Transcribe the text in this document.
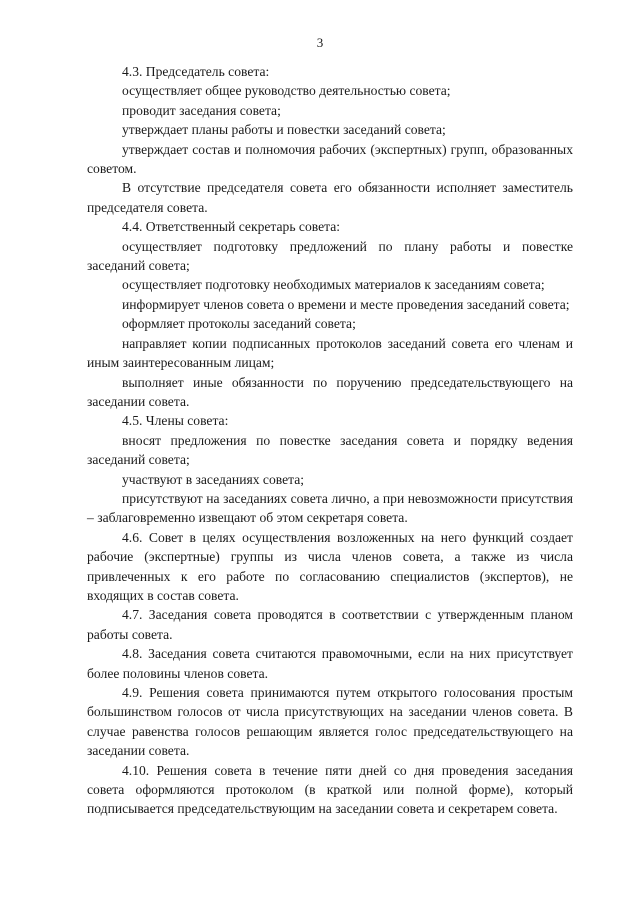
3

4.3. Председатель совета:

осуществляет общее руководство деятельностью совета;

проводит заседания совета;

утверждает планы работы и повестки заседаний совета;

утверждает состав и полномочия рабочих (экспертных) групп, образованных советом.

В отсутствие председателя совета его обязанности исполняет заместитель председателя совета.

4.4. Ответственный секретарь совета:

осуществляет подготовку предложений по плану работы и повестке заседаний совета;

осуществляет подготовку необходимых материалов к заседаниям совета;

информирует членов совета о времени и месте проведения заседаний совета;

оформляет протоколы заседаний совета;

направляет копии подписанных протоколов заседаний совета его членам и иным заинтересованным лицам;

выполняет иные обязанности по поручению председательствующего на заседании совета.

4.5. Члены совета:

вносят предложения по повестке заседания совета и порядку ведения заседаний совета;

участвуют в заседаниях совета;

присутствуют на заседаниях совета лично, а при невозможности присутствия – заблаговременно извещают об этом секретаря совета.

4.6. Совет в целях осуществления возложенных на него функций создает рабочие (экспертные) группы из числа членов совета, а также из числа привлеченных к его работе по согласованию специалистов (экспертов), не входящих в состав совета.

4.7. Заседания совета проводятся в соответствии с утвержденным планом работы совета.

4.8. Заседания совета считаются правомочными, если на них присутствует более половины членов совета.

4.9. Решения совета принимаются путем открытого голосования простым большинством голосов от числа присутствующих на заседании членов совета. В случае равенства голосов решающим является голос председательствующего на заседании совета.

4.10. Решения совета в течение пяти дней со дня проведения заседания совета оформляются протоколом (в краткой или полной форме), который подписывается председательствующим на заседании совета и секретарем совета.
